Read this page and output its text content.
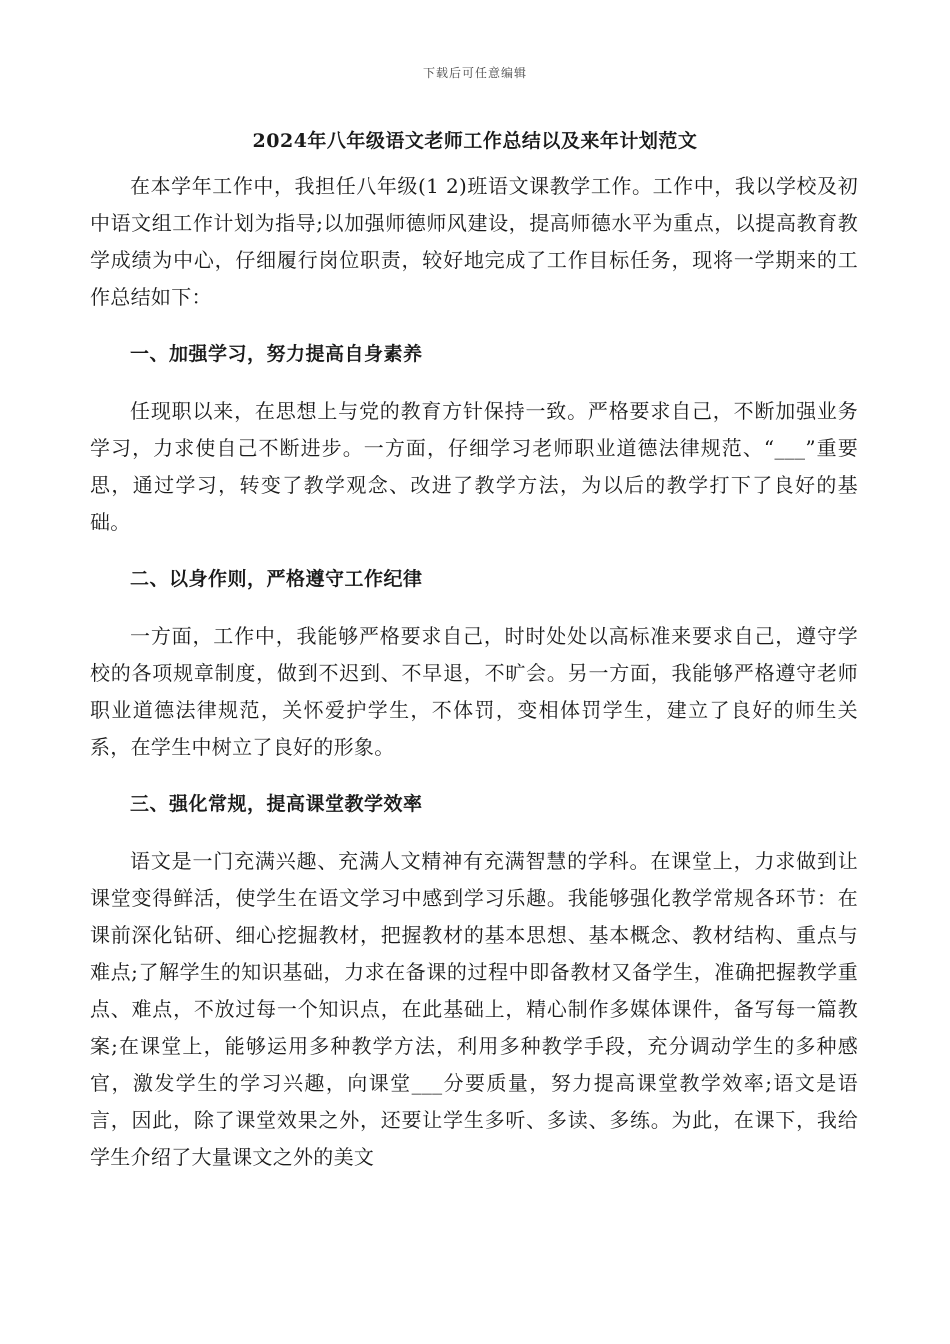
下载后可任意编辑
2024年八年级语文老师工作总结以及来年计划范文

在本学年工作中，我担任八年级(1 2)班语文课教学工作。工作中，我以学校及初中语文组工作计划为指导;以加强师德师风建设，提高师德水平为重点，以提高教育教学成绩为中心，仔细履行岗位职责，较好地完成了工作目标任务，现将一学期来的工作总结如下：

一、加强学习，努力提高自身素养

任现职以来，在思想上与党的教育方针保持一致。严格要求自己，不断加强业务学习，力求使自己不断进步。一方面，仔细学习老师职业道德法律规范、“___”重要思，通过学习，转变了教学观念、改进了教学方法，为以后的教学打下了良好的基础。

二、以身作则，严格遵守工作纪律

一方面，工作中，我能够严格要求自己，时时处处以高标准来要求自己，遵守学校的各项规章制度，做到不迟到、不早退，不旷会。另一方面，我能够严格遵守老师职业道德法律规范，关怀爱护学生，不体罚，变相体罚学生，建立了良好的师生关系，在学生中树立了良好的形象。

三、强化常规，提高课堂教学效率

语文是一门充满兴趣、充满人文精神有充满智慧的学科。在课堂上，力求做到让课堂变得鲜活，使学生在语文学习中感到学习乐趣。我能够强化教学常规各环节：在课前深化钻研、细心挖掘教材，把握教材的基本思想、基本概念、教材结构、重点与难点;了解学生的知识基础，力求在备课的过程中即备教材又备学生，准确把握教学重点、难点，不放过每一个知识点，在此基础上，精心制作多媒体课件，备写每一篇教案;在课堂上，能够运用多种教学方法，利用多种教学手段，充分调动学生的多种感官，激发学生的学习兴趣，向课堂___分要质量，努力提高课堂教学效率;语文是语言，因此，除了课堂效果之外，还要让学生多听、多读、多练。为此，在课下，我给学生介绍了大量课文之外的美文
